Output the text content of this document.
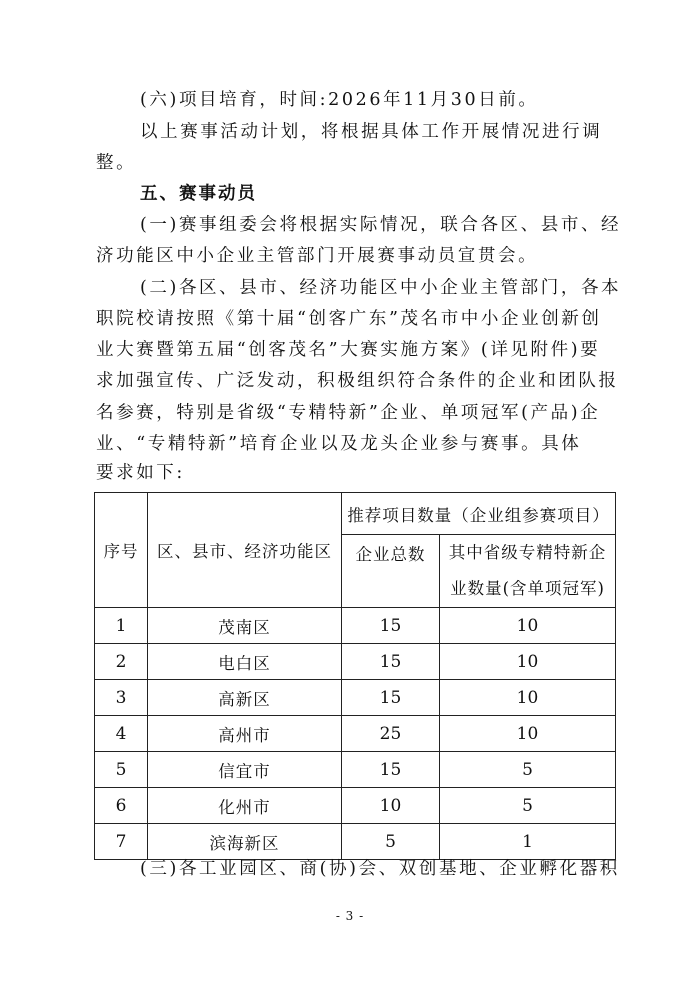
(六)项目培育，时间:2026年11月30日前。
以上赛事活动计划，将根据具体工作开展情况进行调
整。
五、赛事动员
(一)赛事组委会将根据实际情况，联合各区、县市、经
济功能区中小企业主管部门开展赛事动员宣贯会。
(二)各区、县市、经济功能区中小企业主管部门，各本
职院校请按照《第十届“创客广东”茂名市中小企业创新创
业大赛暨第五届“创客茂名”大赛实施方案》(详见附件)要
求加强宣传、广泛发动，积极组织符合条件的企业和团队报
名参赛，特别是省级“专精特新”企业、单项冠军(产品)企
业、“专精特新”培育企业以及龙头企业参与赛事。具体
要求如下:
序号	区、县市、经济功能区	推荐项目数量（企业组参赛项目）	
		企业总数	其中省级专精特新企
业数量(含单项冠军)

1	茂南区	15	10
2	电白区	15	10
3	高新区	15	10
4	高州市	25	10
5	信宜市	15	5
6	化州市	10	5
7	滨海新区	5	1
(三)各工业园区、商(协)会、双创基地、企业孵化器积
- 3 -
